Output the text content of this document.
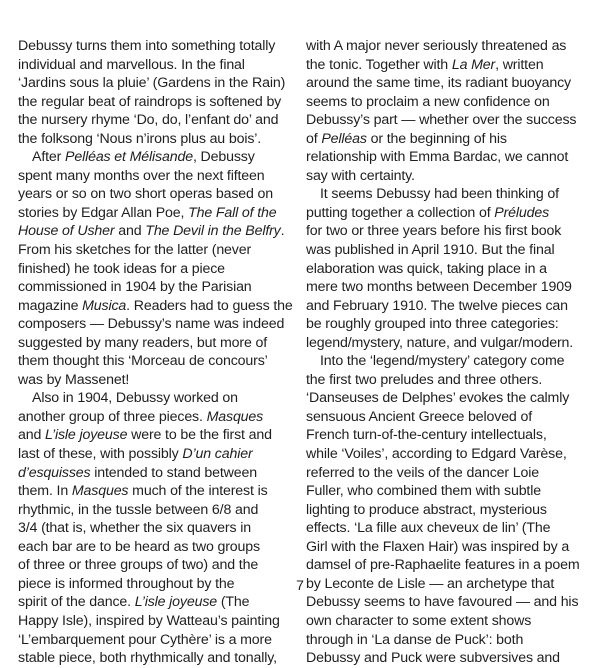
Debussy turns them into something totally
individual and marvellous. In the final
‘Jardins sous la pluie’ (Gardens in the Rain)
the regular beat of raindrops is softened by
the nursery rhyme ‘Do, do, l’enfant do’ and
the folksong ‘Nous n’irons plus au bois’.
After Pelléas et Mélisande, Debussy
spent many months over the next fifteen
years or so on two short operas based on
stories by Edgar Allan Poe, The Fall of the
House of Usher and The Devil in the Belfry.
From his sketches for the latter (never
finished) he took ideas for a piece
commissioned in 1904 by the Parisian
magazine Musica. Readers had to guess the
composers — Debussy’s name was indeed
suggested by many readers, but more of
them thought this ‘Morceau de concours’
was by Massenet!
Also in 1904, Debussy worked on
another group of three pieces. Masques
and L’isle joyeuse were to be the first and
last of these, with possibly D’un cahier
d’esquisses intended to stand between
them. In Masques much of the interest is
rhythmic, in the tussle between 6/8 and
3/4 (that is, whether the six quavers in
each bar are to be heard as two groups
of three or three groups of two) and the
piece is informed throughout by the
spirit of the dance. L’isle joyeuse (The
Happy Isle), inspired by Watteau’s painting
‘L’embarquement pour Cythère’ is a more
stable piece, both rhythmically and tonally,
with A major never seriously threatened as
the tonic. Together with La Mer, written
around the same time, its radiant buoyancy
seems to proclaim a new confidence on
Debussy’s part — whether over the success
of Pelléas or the beginning of his
relationship with Emma Bardac, we cannot
say with certainty.
It seems Debussy had been thinking of
putting together a collection of Préludes
for two or three years before his first book
was published in April 1910. But the final
elaboration was quick, taking place in a
mere two months between December 1909
and February 1910. The twelve pieces can
be roughly grouped into three categories:
legend/mystery, nature, and vulgar/modern.
Into the ‘legend/mystery’ category come
the first two preludes and three others.
‘Danseuses de Delphes’ evokes the calmly
sensuous Ancient Greece beloved of
French turn-of-the-century intellectuals,
while ‘Voiles’, according to Edgard Varèse,
referred to the veils of the dancer Loie
Fuller, who combined them with subtle
lighting to produce abstract, mysterious
effects. ‘La fille aux cheveux de lin’ (The
Girl with the Flaxen Hair) was inspired by a
damsel of pre-Raphaelite features in a poem
by Leconte de Lisle — an archetype that
Debussy seems to have favoured — and his
own character to some extent shows
through in ‘La danse de Puck’: both
Debussy and Puck were subversives and
7
